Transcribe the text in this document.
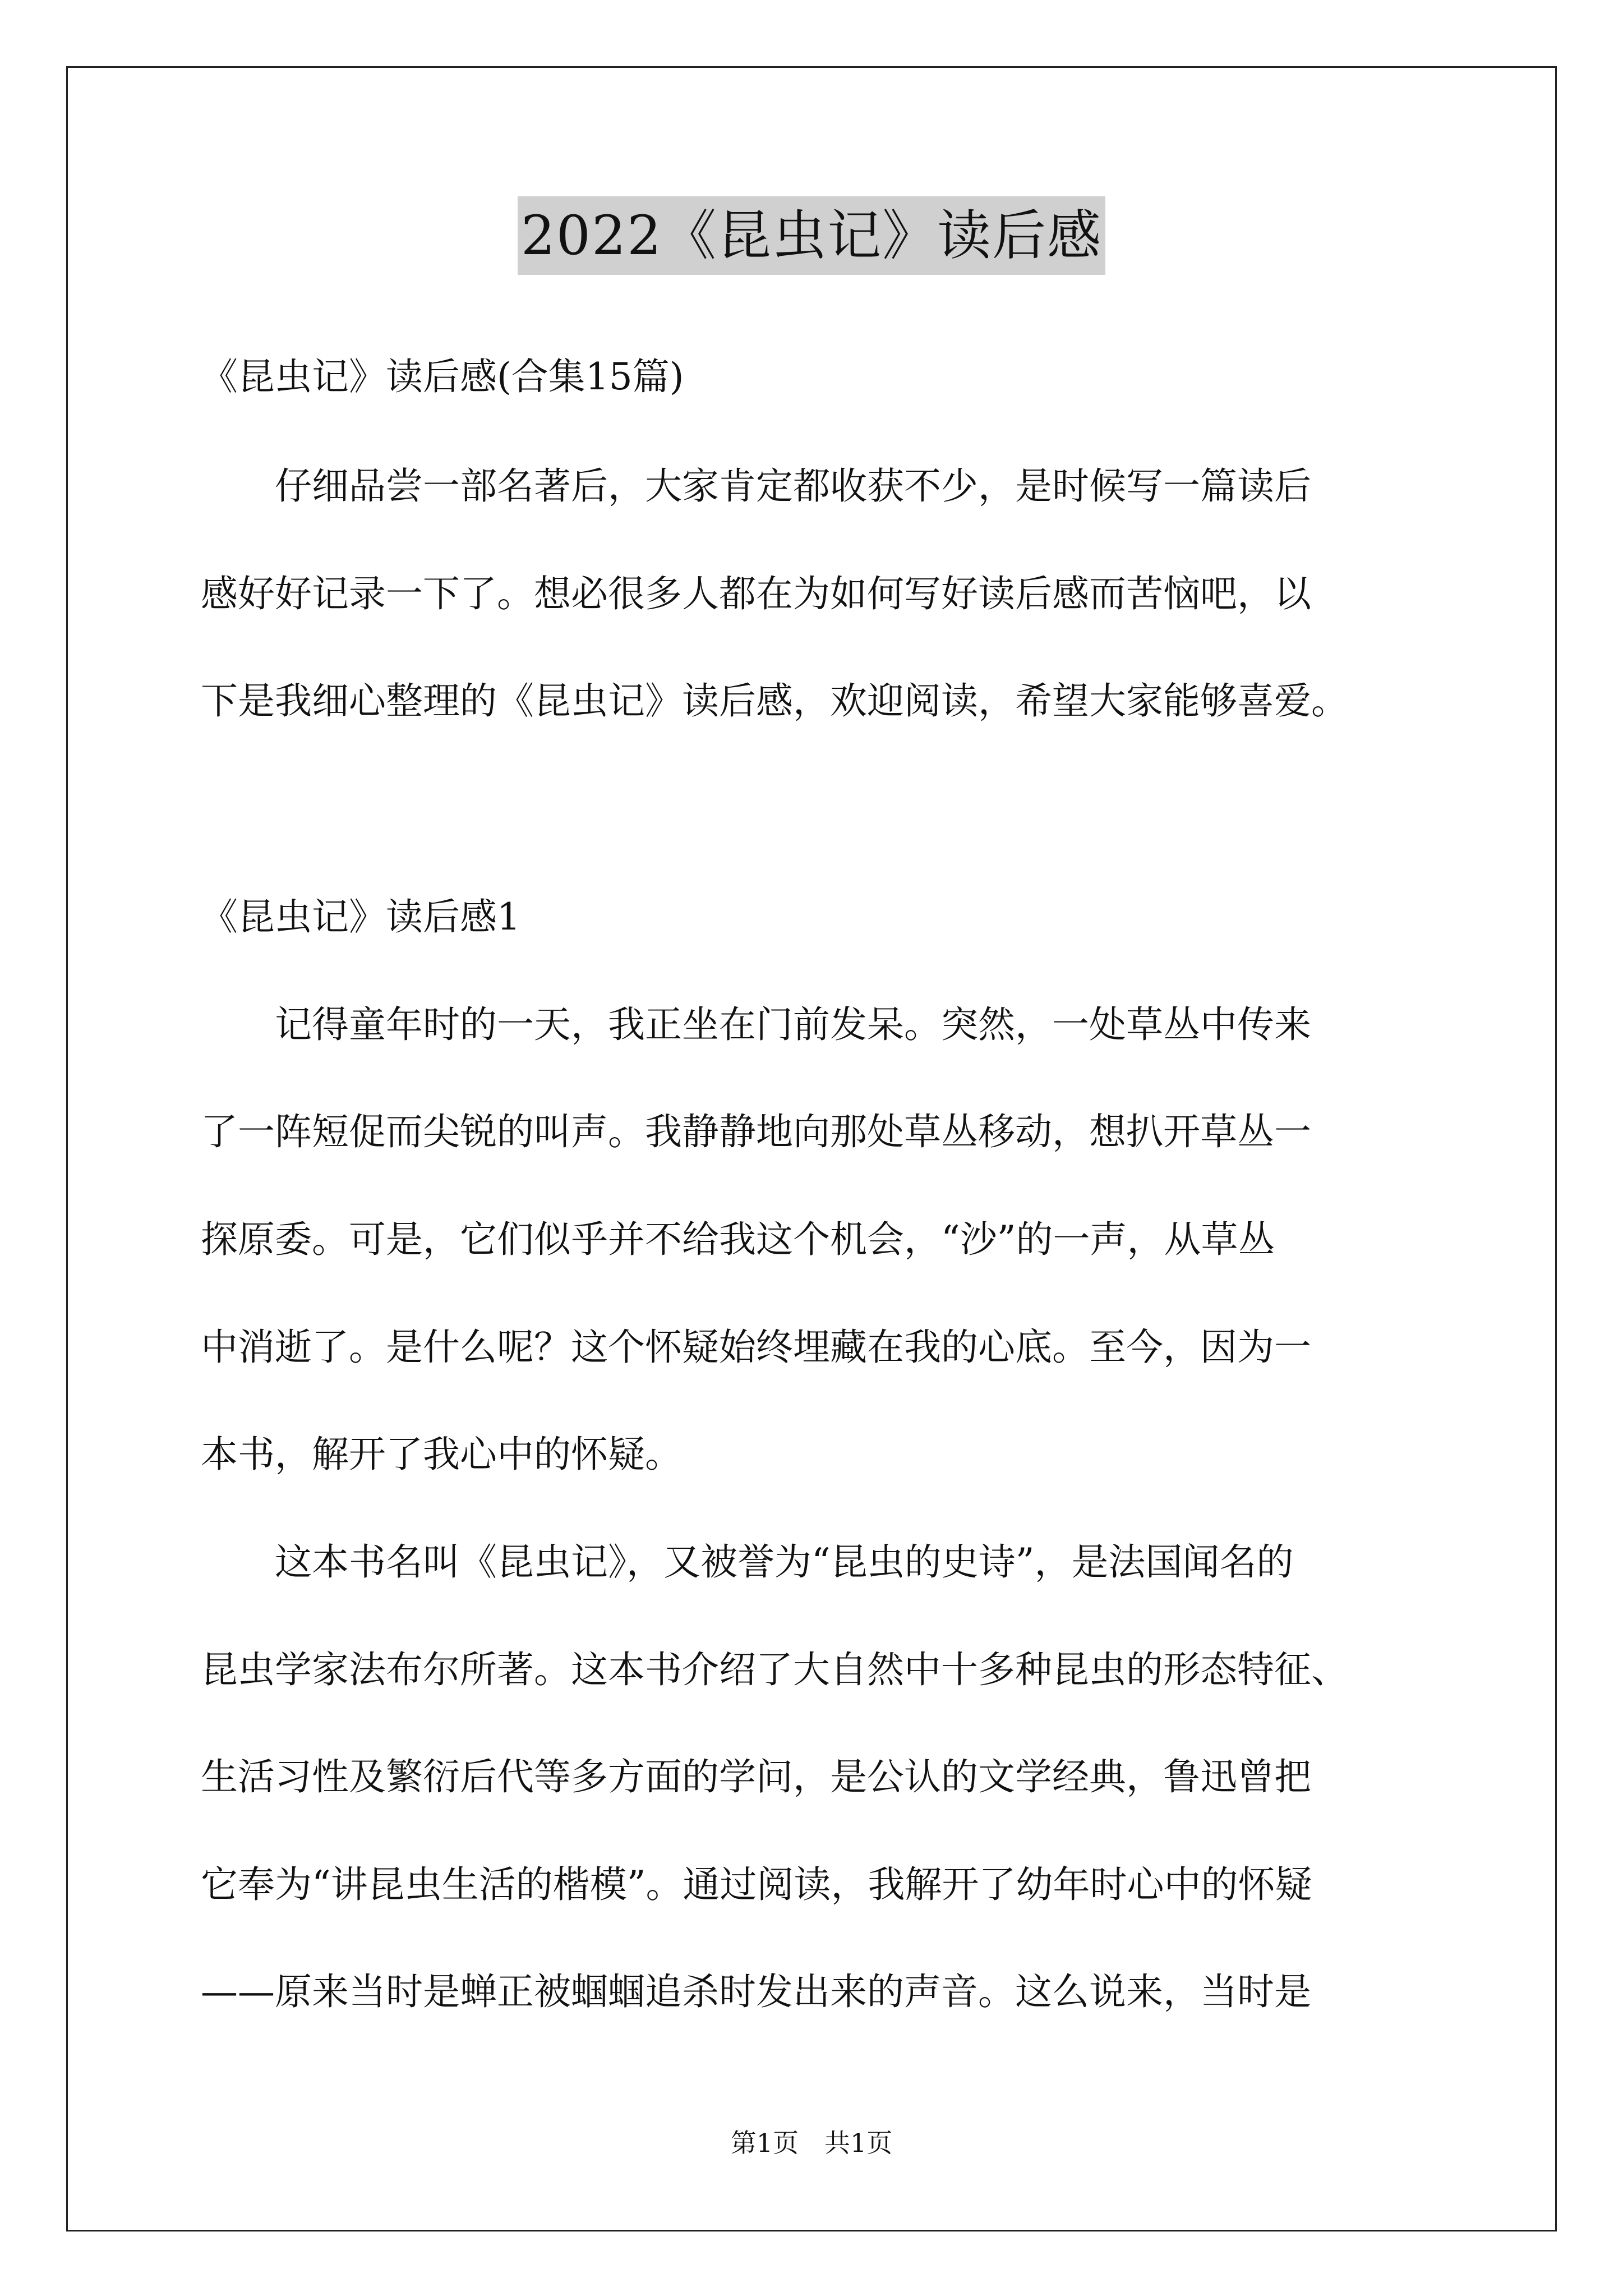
2022《昆虫记》读后感
《昆虫记》读后感(合集15篇)
　　仔细品尝一部名著后，大家肯定都收获不少，是时候写一篇读后
感好好记录一下了。想必很多人都在为如何写好读后感而苦恼吧，以
下是我细心整理的《昆虫记》读后感，欢迎阅读，希望大家能够喜爱。
《昆虫记》读后感1
　　记得童年时的一天，我正坐在门前发呆。突然，一处草丛中传来
了一阵短促而尖锐的叫声。我静静地向那处草丛移动，想扒开草丛一
探原委。可是，它们似乎并不给我这个机会，“沙”的一声，从草丛
中消逝了。是什么呢？这个怀疑始终埋藏在我的心底。至今，因为一
本书，解开了我心中的怀疑。
　　这本书名叫《昆虫记》，又被誉为“昆虫的史诗”，是法国闻名的
昆虫学家法布尔所著。这本书介绍了大自然中十多种昆虫的形态特征、
生活习性及繁衍后代等多方面的学问，是公认的文学经典，鲁迅曾把
它奉为“讲昆虫生活的楷模”。通过阅读，我解开了幼年时心中的怀疑
——原来当时是蝉正被蝈蝈追杀时发出来的声音。这么说来，当时是
第1页　共1页
